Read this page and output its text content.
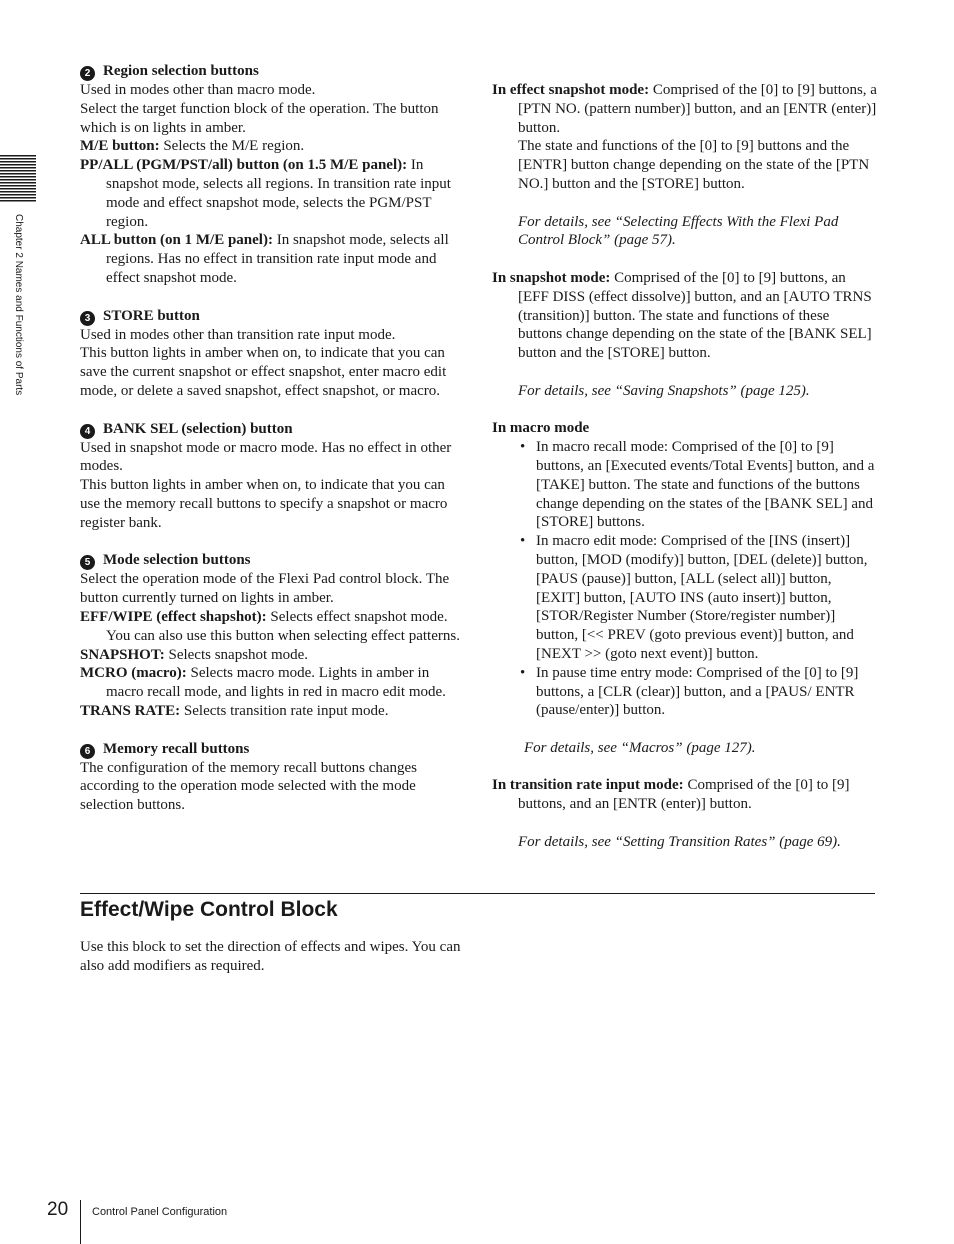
Chapter 2 Names and Functions of Parts

2 Region selection buttons

Used in modes other than macro mode.

Select the target function block of the operation. The button which is on lights in amber.

M/E button: Selects the M/E region.

PP/ALL (PGM/PST/all) button (on 1.5 M/E panel): In snapshot mode, selects all regions. In transition rate input mode and effect snapshot mode, selects the PGM/PST region.

ALL button (on 1 M/E panel): In snapshot mode, selects all regions. Has no effect in transition rate input mode and effect snapshot mode.

3 STORE button

Used in modes other than transition rate input mode.

This button lights in amber when on, to indicate that you can save the current snapshot or effect snapshot, enter macro edit mode, or delete a saved snapshot, effect snapshot, or macro.

4 BANK SEL (selection) button

Used in snapshot mode or macro mode. Has no effect in other modes.

This button lights in amber when on, to indicate that you can use the memory recall buttons to specify a snapshot or macro register bank.

5 Mode selection buttons

Select the operation mode of the Flexi Pad control block. The button currently turned on lights in amber.

EFF/WIPE (effect shapshot): Selects effect snapshot mode. You can also use this button when selecting effect patterns.

SNAPSHOT: Selects snapshot mode.

MCRO (macro): Selects macro mode. Lights in amber in macro recall mode, and lights in red in macro edit mode.

TRANS RATE: Selects transition rate input mode.

6 Memory recall buttons

The configuration of the memory recall buttons changes according to the operation mode selected with the mode selection buttons.

In effect snapshot mode: Comprised of the [0] to [9] buttons, a [PTN NO. (pattern number)] button, and an [ENTR (enter)] button.

The state and functions of the [0] to [9] buttons and the [ENTR] button change depending on the state of the [PTN NO.] button and the [STORE] button.

For details, see “Selecting Effects With the Flexi Pad Control Block” (page 57).

In snapshot mode: Comprised of the [0] to [9] buttons, an [EFF DISS (effect dissolve)] button, and an [AUTO TRNS (transition)] button. The state and functions of these buttons change depending on the state of the [BANK SEL] button and the [STORE] button.

For details, see “Saving Snapshots” (page 125).

In macro mode

• In macro recall mode: Comprised of the [0] to [9] buttons, an [Executed events/Total Events] button, and a [TAKE] button. The state and functions of the buttons change depending on the states of the [BANK SEL] and [STORE] buttons.
• In macro edit mode: Comprised of the [INS (insert)] button, [MOD (modify)] button, [DEL (delete)] button, [PAUS (pause)] button, [ALL (select all)] button, [EXIT] button, [AUTO INS (auto insert)] button, [STOR/Register Number (Store/register number)] button, [<< PREV (goto previous event)] button, and [NEXT >> (goto next event)] button.
• In pause time entry mode: Comprised of the [0] to [9] buttons, a [CLR (clear)] button, and a [PAUS/ ENTR (pause/enter)] button.

For details, see “Macros” (page 127).

In transition rate input mode: Comprised of the [0] to [9] buttons, and an [ENTR (enter)] button.

For details, see “Setting Transition Rates” (page 69).

Effect/Wipe Control Block

Use this block to set the direction of effects and wipes. You can also add modifiers as required.

20 Control Panel Configuration
